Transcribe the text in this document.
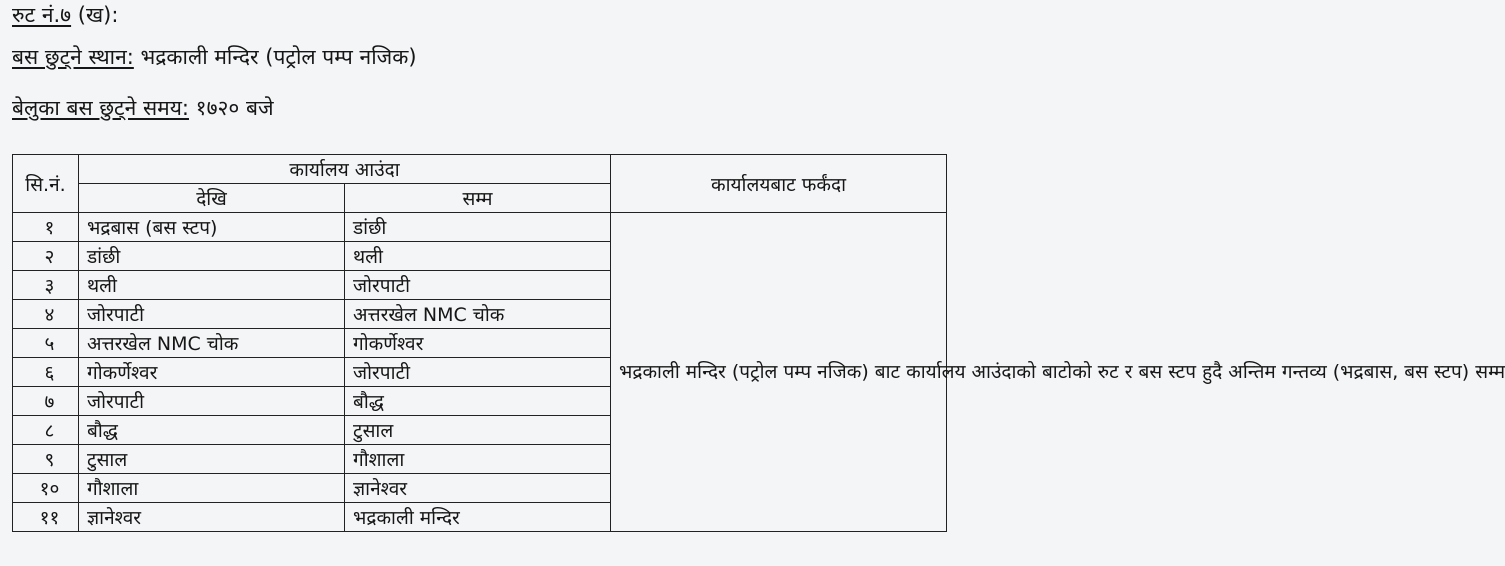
रुट नं.७ (ख):
बस छुट्ने स्थान: भद्रकाली मन्दिर (पट्रोल पम्प नजिक)
बेलुका बस छुट्ने समय: १७२० बजे
सि.नं.	कार्यालय आउंदा		कार्यालयबाट फर्कंदा
	देखि	सम्म	
१	भद्रबास (बस स्टप)	डांछी	भद्रकाली मन्दिर (पट्रोल पम्प नजिक) बाट कार्यालय आउंदाको बाटोको रुट र बस स्टप हुदै अन्तिम गन्तव्य (भद्रबास, बस स्टप) सम्म
२	डांछी	थली	
३	थली	जोरपाटी	
४	जोरपाटी	अत्तरखेल NMC चोक	
५	अत्तरखेल NMC चोक	गोकर्णेश्वर	
६	गोकर्णेश्वर	जोरपाटी	
७	जोरपाटी	बौद्ध	
८	बौद्ध	टुसाल	
९	टुसाल	गौशाला	
१०	गौशाला	ज्ञानेश्वर	
११	ज्ञानेश्वर	भद्रकाली मन्दिर	
